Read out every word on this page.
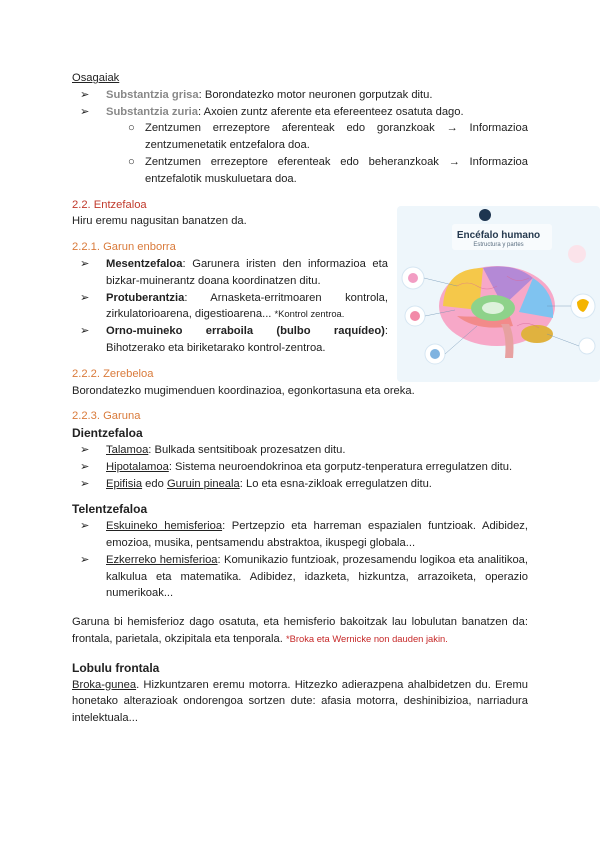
Osagaiak
➢	Substantzia grisa: Borondatezko motor neuronen gorputzak ditu.
➢	Substantzia zuria: Axoien zuntz aferente eta efereenteez osatuta dago.
○ Zentzumen errezeptore aferenteak edo goranzkoak → Informazioa zentzumenetatik entzefalora doa.
○ Zentzumen errezeptore eferenteak edo beheranzkoak → Informazioa entzefalotik muskuluetara doa.
2.2. Entzefaloa
Hiru eremu nagusitan banatzen da.
2.2.1. Garun enborra
➢	Mesentzefaloa: Garunera iristen den informazioa eta bizkar-muinerantz doana koordinatzen ditu.
➢	Protuberantzia: Arnasketa-erritmoaren kontrola, zirkulatorioarena, digestioarena... *Kontrol zentroa.
➢	Orno-muineko erraboila (bulbo raquídeo): Bihotzerako eta biriketarako kontrol-zentroa.
2.2.2. Zerebeloa
Borondatezko mugimenduen koordinazioa, egonkortasuna eta oreka.
2.2.3. Garuna
Dientzefaloa
➢	Talamoa: Bulkada sentsitiboak prozesatzen ditu.
➢	Hipotalamoa: Sistema neuroendokrinoa eta gorputz-tenperatura erregulatzen ditu.
➢	Epifisia edo Guruin pineala: Lo eta esna-zikloak erregulatzen ditu.
Telentzefaloa
➢	Eskuineko hemisferioa: Pertzepzio eta harreman espazialen funtzioak. Adibidez, emozioa, musika, pentsamendu abstraktoa, ikuspegi globala...
➢	Ezkerreko hemisferioa: Komunikazio funtzioak, prozesamendu logikoa eta analitikoa, kalkulua eta matematika. Adibidez, idazketa, hizkuntza, arrazoiketa, operazio numerikoak...
Garuna bi hemisferioz dago osatuta, eta hemisferio bakoitzak lau lobulutan banatzen da: frontala, parietala, okzipitala eta tenporala. *Broka eta Wernicke non dauden jakin.
Lobulu frontala
Broka-gunea. Hizkuntzaren eremu motorra. Hitzezko adierazpena ahalbidetzen du. Eremu honetako alterazioak ondorengoa sortzen dute: afasia motorra, deshinibizioa, narriadura intelektuala...
Encéfalo humano
Estructura y partes
